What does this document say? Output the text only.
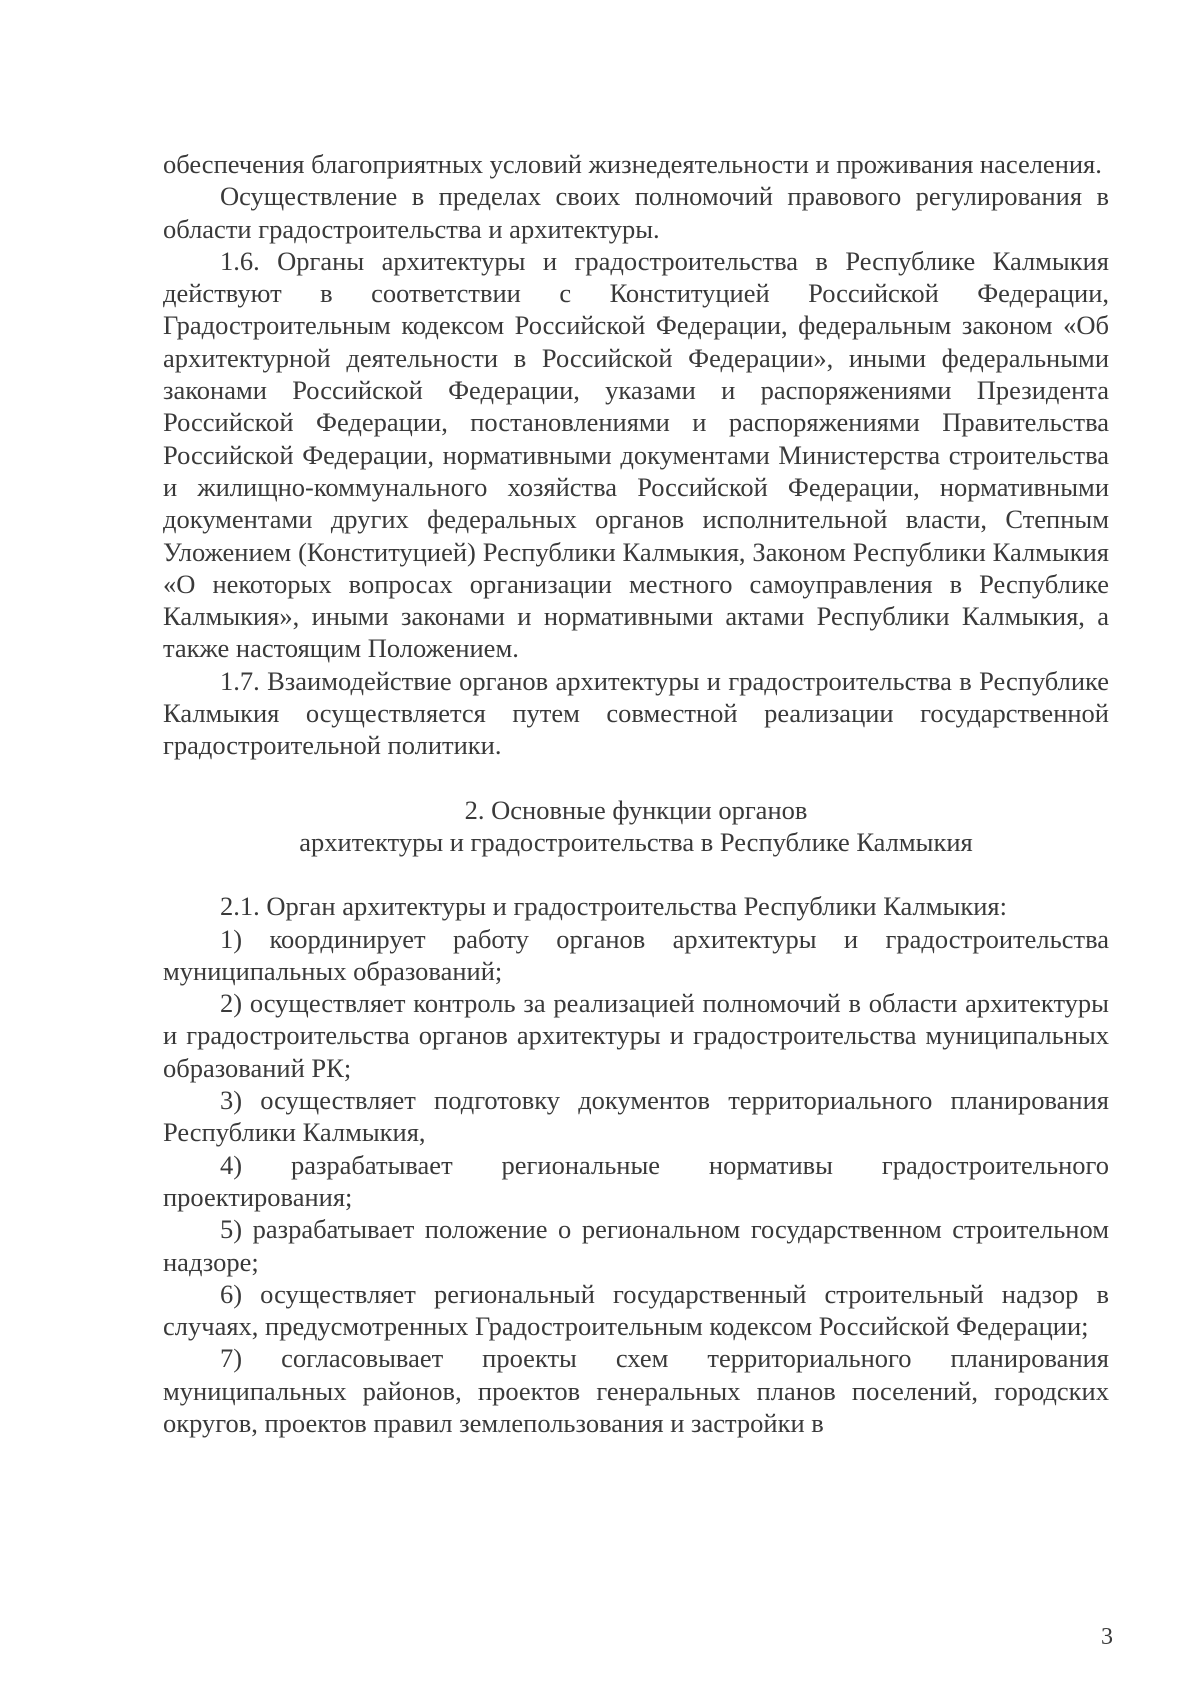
обеспечения благоприятных условий жизнедеятельности и проживания населения.

Осуществление в пределах своих полномочий правового регулирования в области градостроительства и архитектуры.

1.6. Органы архитектуры и градостроительства в Республике Калмыкия действуют в соответствии с Конституцией Российской Федерации, Градостроительным кодексом Российской Федерации, федеральным законом «Об архитектурной деятельности в Российской Федерации», иными федеральными законами Российской Федерации, указами и распоряжениями Президента Российской Федерации, постановлениями и распоряжениями Правительства Российской Федерации, нормативными документами Министерства строительства и жилищно-коммунального хозяйства Российской Федерации, нормативными документами других федеральных органов исполнительной власти, Степным Уложением (Конституцией) Республики Калмыкия, Законом Республики Калмыкия «О некоторых вопросах организации местного самоуправления в Республике Калмыкия», иными законами и нормативными актами Республики Калмыкия, а также настоящим Положением.

1.7. Взаимодействие органов архитектуры и градостроительства в Республике Калмыкия осуществляется путем совместной реализации государственной градостроительной политики.

2. Основные функции органов
архитектуры и градостроительства в Республике Калмыкия

2.1. Орган архитектуры и градостроительства Республики Калмыкия:

1) координирует работу органов архитектуры и градостроительства муниципальных образований;

2) осуществляет контроль за реализацией полномочий в области архитектуры и градостроительства органов архитектуры и градостроительства муниципальных образований РК;

3) осуществляет подготовку документов территориального планирования Республики Калмыкия,

4) разрабатывает региональные нормативы градостроительного проектирования;

5) разрабатывает положение о региональном государственном строительном надзоре;

6) осуществляет региональный государственный строительный надзор в случаях, предусмотренных Градостроительным кодексом Российской Федерации;

7) согласовывает проекты схем территориального планирования муниципальных районов, проектов генеральных планов поселений, городских округов, проектов правил землепользования и застройки в

3
